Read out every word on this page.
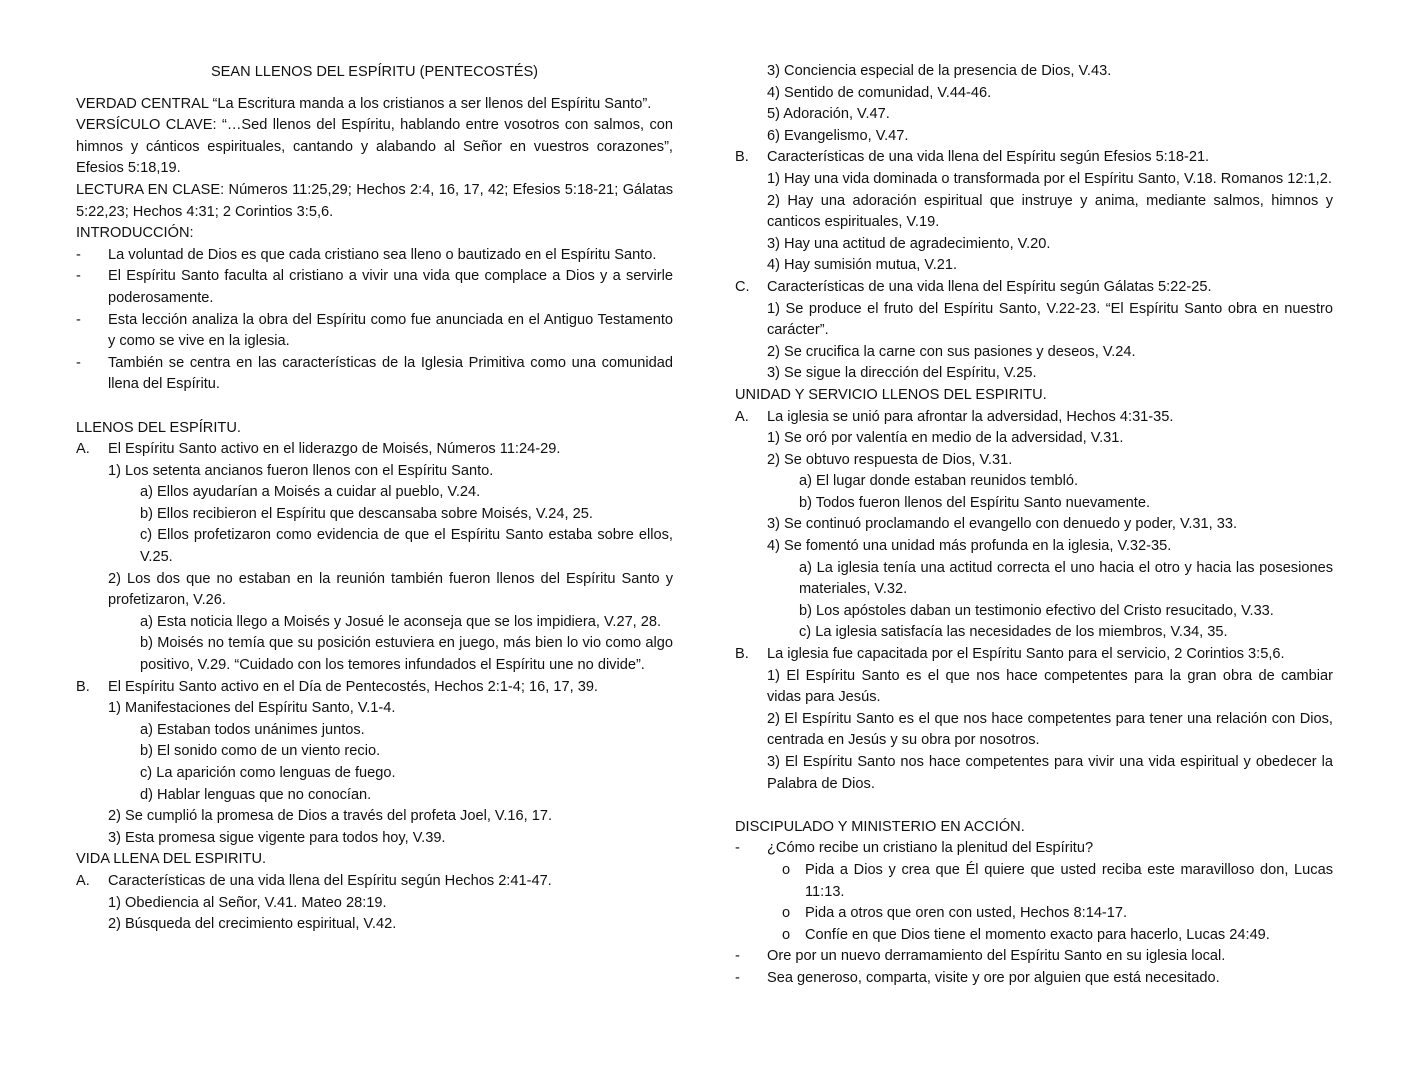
SEAN LLENOS DEL ESPÍRITU (PENTECOSTÉS)
VERDAD CENTRAL “La Escritura manda a los cristianos a ser llenos del Espíritu Santo”.
VERSÍCULO CLAVE: “…Sed llenos del Espíritu, hablando entre vosotros con salmos, con himnos y cánticos espirituales, cantando y alabando al Señor en vuestros corazones”, Efesios 5:18,19.
LECTURA EN CLASE: Números 11:25,29; Hechos 2:4, 16, 17, 42; Efesios 5:18-21; Gálatas 5:22,23; Hechos 4:31; 2 Corintios 3:5,6.
INTRODUCCIÓN:
-	La voluntad de Dios es que cada cristiano sea lleno o bautizado en el Espíritu Santo.
-	El Espíritu Santo faculta al cristiano a vivir una vida que complace a Dios y a servirle poderosamente.
-	Esta lección analiza la obra del Espíritu como fue anunciada en el Antiguo Testamento y como se vive en la iglesia.
-	También se centra en las características de la Iglesia Primitiva como una comunidad llena del Espíritu.
LLENOS DEL ESPÍRITU.
A.	El Espíritu Santo activo en el liderazgo de Moisés, Números 11:24-29.
1) Los setenta ancianos fueron llenos con el Espíritu Santo.
a) Ellos ayudarían a Moisés a cuidar al pueblo, V.24.
b) Ellos recibieron el Espíritu que descansaba sobre Moisés, V.24, 25.
c) Ellos profetizaron como evidencia de que el Espíritu Santo estaba sobre ellos, V.25.
2) Los dos que no estaban en la reunión también fueron llenos del Espíritu Santo y profetizaron, V.26.
a) Esta noticia llego a Moisés y Josué le aconseja que se los impidiera, V.27, 28.
b) Moisés no temía que su posición estuviera en juego, más bien lo vio como algo positivo, V.29. “Cuidado con los temores infundados el Espíritu une no divide”.
B.	El Espíritu Santo activo en el Día de Pentecostés, Hechos 2:1-4; 16, 17, 39.
1) Manifestaciones del Espíritu Santo, V.1-4.
a) Estaban todos unánimes juntos.
b) El sonido como de un viento recio.
c) La aparición como lenguas de fuego.
d) Hablar lenguas que no conocían.
2) Se cumplió la promesa de Dios a través del profeta Joel, V.16, 17.
3) Esta promesa sigue vigente para todos hoy, V.39.
VIDA LLENA DEL ESPIRITU.
A.	Características de una vida llena del Espíritu según Hechos 2:41-47.
1) Obediencia al Señor, V.41. Mateo 28:19.
2) Búsqueda del crecimiento espiritual, V.42.
3) Conciencia especial de la presencia de Dios, V.43.
4) Sentido de comunidad, V.44-46.
5) Adoración, V.47.
6) Evangelismo, V.47.
B.	Características de una vida llena del Espíritu según Efesios 5:18-21.
1) Hay una vida dominada o transformada por el Espíritu Santo, V.18. Romanos 12:1,2.
2) Hay una adoración espiritual que instruye y anima, mediante salmos, himnos y canticos espirituales, V.19.
3) Hay una actitud de agradecimiento, V.20.
4) Hay sumisión mutua, V.21.
C.	Características de una vida llena del Espíritu según Gálatas 5:22-25.
1) Se produce el fruto del Espíritu Santo, V.22-23. “El Espíritu Santo obra en nuestro carácter”.
2) Se crucifica la carne con sus pasiones y deseos, V.24.
3) Se sigue la dirección del Espíritu, V.25.
UNIDAD Y SERVICIO LLENOS DEL ESPIRITU.
A.	La iglesia se unió para afrontar la adversidad, Hechos 4:31-35.
1) Se oró por valentía en medio de la adversidad, V.31.
2) Se obtuvo respuesta de Dios, V.31.
a) El lugar donde estaban reunidos tembló.
b) Todos fueron llenos del Espíritu Santo nuevamente.
3) Se continuó proclamando el evangello con denuedo y poder, V.31, 33.
4) Se fomentó una unidad más profunda en la iglesia, V.32-35.
a) La iglesia tenía una actitud correcta el uno hacia el otro y hacia las posesiones materiales, V.32.
b) Los apóstoles daban un testimonio efectivo del Cristo resucitado, V.33.
c) La iglesia satisfacía las necesidades de los miembros, V.34, 35.
B.	La iglesia fue capacitada por el Espíritu Santo para el servicio, 2 Corintios 3:5,6.
1) El Espíritu Santo es el que nos hace competentes para la gran obra de cambiar vidas para Jesús.
2) El Espíritu Santo es el que nos hace competentes para tener una relación con Dios, centrada en Jesús y su obra por nosotros.
3) El Espíritu Santo nos hace competentes para vivir una vida espiritual y obedecer la Palabra de Dios.
DISCIPULADO Y MINISTERIO EN ACCIÓN.
-	¿Cómo recibe un cristiano la plenitud del Espíritu?
o	Pida a Dios y crea que Él quiere que usted reciba este maravilloso don, Lucas 11:13.
o	Pida a otros que oren con usted, Hechos 8:14-17.
o	Confíe en que Dios tiene el momento exacto para hacerlo, Lucas 24:49.
-	Ore por un nuevo derramamiento del Espíritu Santo en su iglesia local.
-	Sea generoso, comparta, visite y ore por alguien que está necesitado.
